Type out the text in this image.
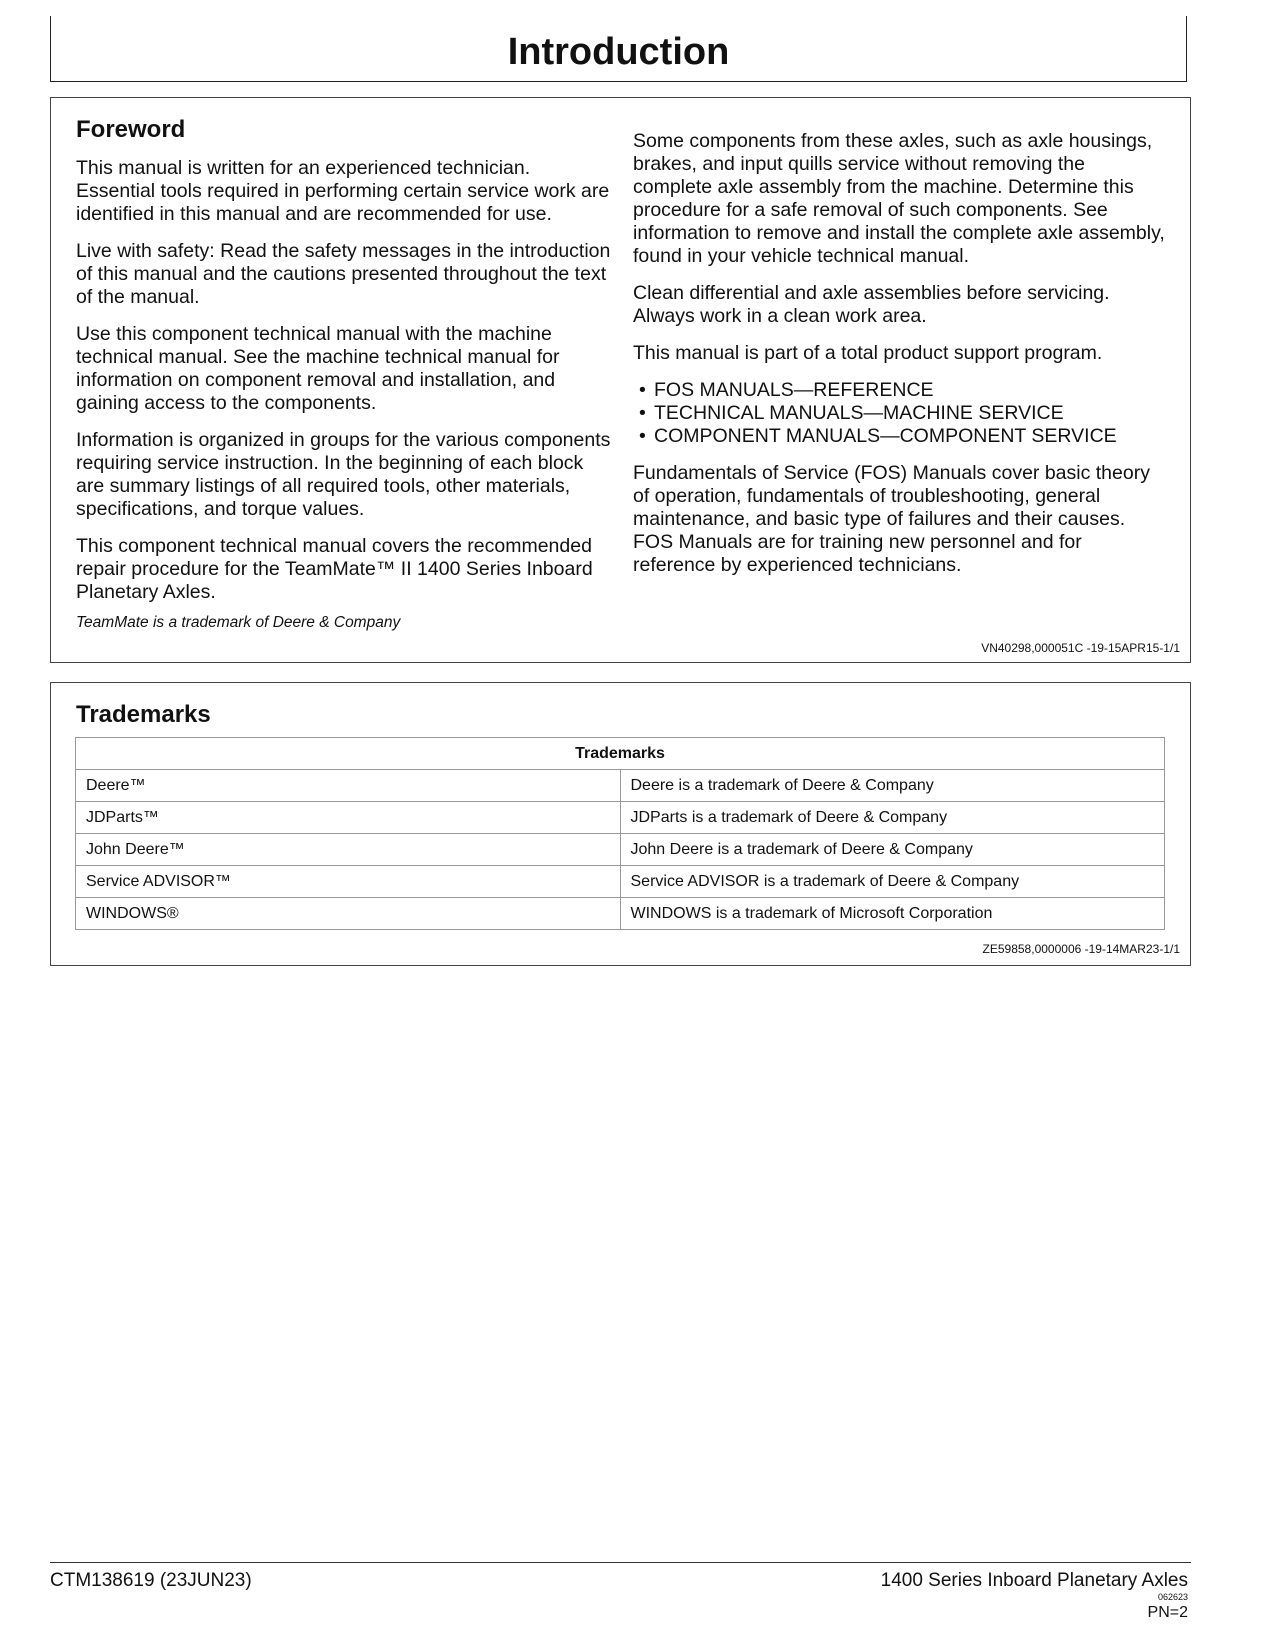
Introduction
Foreword

This manual is written for an experienced technician. Essential tools required in performing certain service work are identified in this manual and are recommended for use.

Live with safety: Read the safety messages in the introduction of this manual and the cautions presented throughout the text of the manual.

Use this component technical manual with the machine technical manual. See the machine technical manual for information on component removal and installation, and gaining access to the components.

Information is organized in groups for the various components requiring service instruction. In the beginning of each block are summary listings of all required tools, other materials, specifications, and torque values.

This component technical manual covers the recommended repair procedure for the TeamMate™ II 1400 Series Inboard Planetary Axles.

TeamMate is a trademark of Deere & Company

Some components from these axles, such as axle housings, brakes, and input quills service without removing the complete axle assembly from the machine. Determine this procedure for a safe removal of such components. See information to remove and install the complete axle assembly, found in your vehicle technical manual.

Clean differential and axle assemblies before servicing. Always work in a clean work area.

This manual is part of a total product support program.

• FOS MANUALS—REFERENCE
• TECHNICAL MANUALS—MACHINE SERVICE
• COMPONENT MANUALS—COMPONENT SERVICE

Fundamentals of Service (FOS) Manuals cover basic theory of operation, fundamentals of troubleshooting, general maintenance, and basic type of failures and their causes. FOS Manuals are for training new personnel and for reference by experienced technicians.

VN40298,000051C -19-15APR15-1/1
Trademarks
Trademarks	
Deere™	Deere is a trademark of Deere & Company
JDParts™	JDParts is a trademark of Deere & Company
John Deere™	John Deere is a trademark of Deere & Company
Service ADVISOR™	Service ADVISOR is a trademark of Deere & Company
WINDOWS®	WINDOWS is a trademark of Microsoft Corporation
ZE59858,0000006 -19-14MAR23-1/1
CTM138619 (23JUN23)	1400 Series Inboard Planetary Axles
062623
PN=2
